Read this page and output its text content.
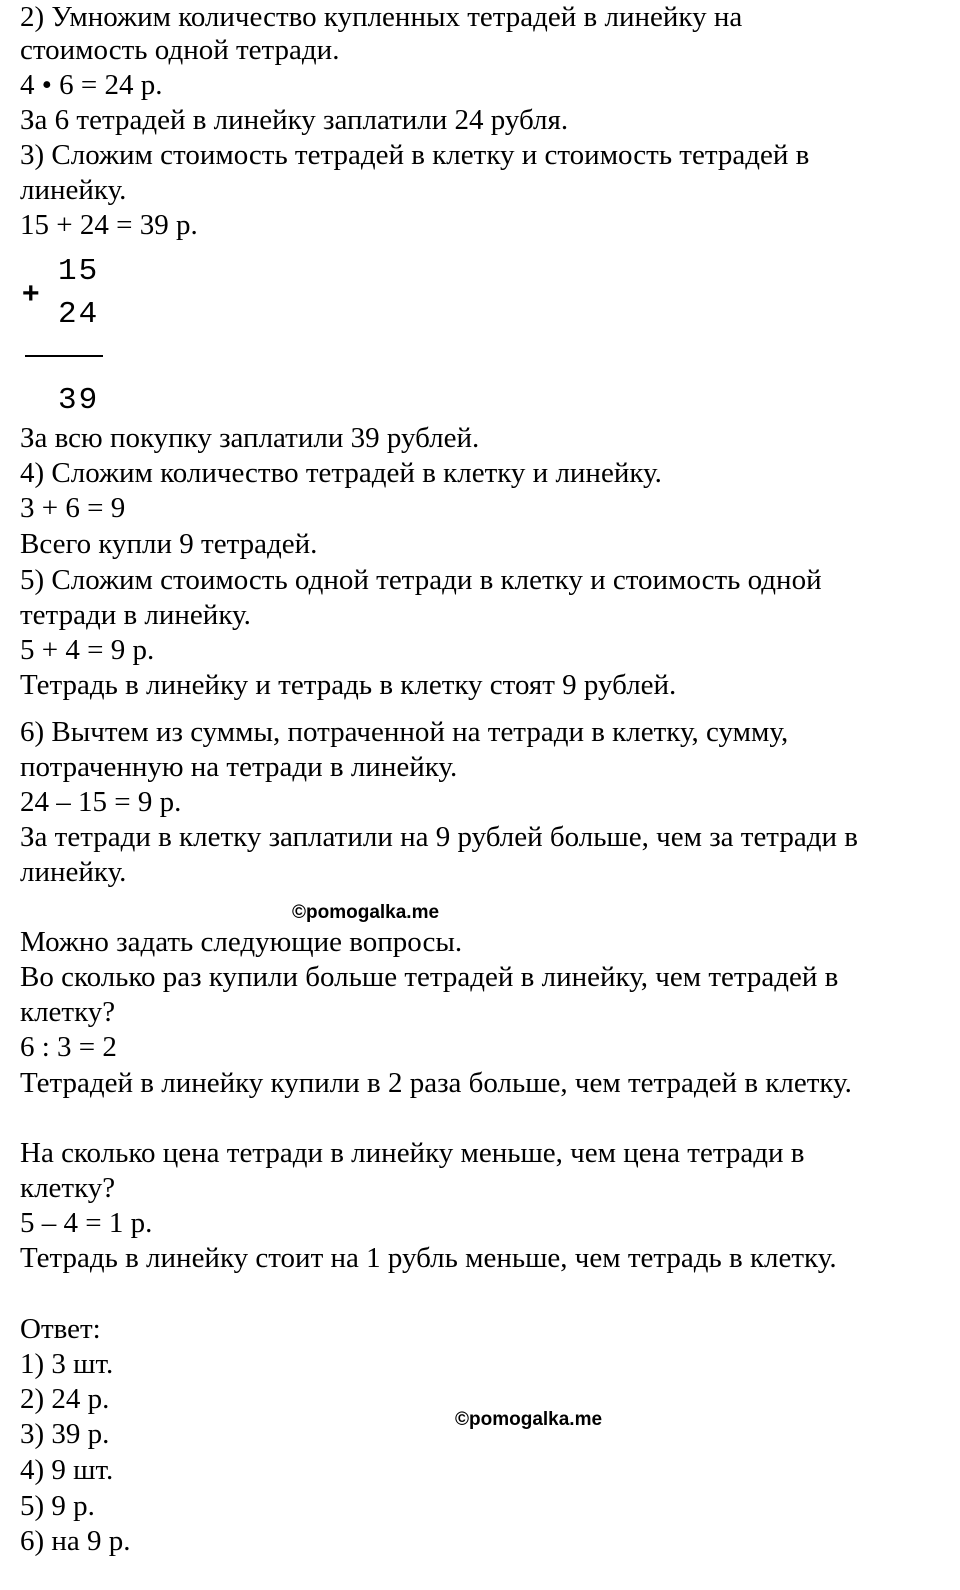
2) Умножим количество купленных тетрадей в линейку на
стоимость одной тетради.
4 • 6 = 24 р.
За 6 тетрадей в линейку заплатили 24 рубля.
3) Сложим стоимость тетрадей в клетку и стоимость тетрадей в
линейку.
15 + 24 = 39 р.
+
15
24
39
За всю покупку заплатили 39 рублей.
4) Сложим количество тетрадей в клетку и линейку.
3 + 6 = 9
Всего купли 9 тетрадей.
5) Сложим стоимость одной тетради в клетку и стоимость одной
тетради в линейку.
5 + 4 = 9 р.
Тетрадь в линейку и тетрадь в клетку стоят 9 рублей.
6) Вычтем из суммы, потраченной на тетради в клетку, сумму,
потраченную на тетради в линейку.
24 – 15 = 9 р.
За тетради в клетку заплатили на 9 рублей больше, чем за тетради в
линейку.
©pomogalka.me
Можно задать следующие вопросы.
Во сколько раз купили больше тетрадей в линейку, чем тетрадей в
клетку?
6 : 3 = 2
Тетрадей в линейку купили в 2 раза больше, чем тетрадей в клетку.
На сколько цена тетради в линейку меньше, чем цена тетради в
клетку?
5 – 4 = 1 р.
Тетрадь в линейку стоит на 1 рубль меньше, чем тетрадь в клетку.
Ответ:
1) 3 шт.
2) 24 р.
©pomogalka.me
3) 39 р.
4) 9 шт.
5) 9 р.
6) на 9 р.
